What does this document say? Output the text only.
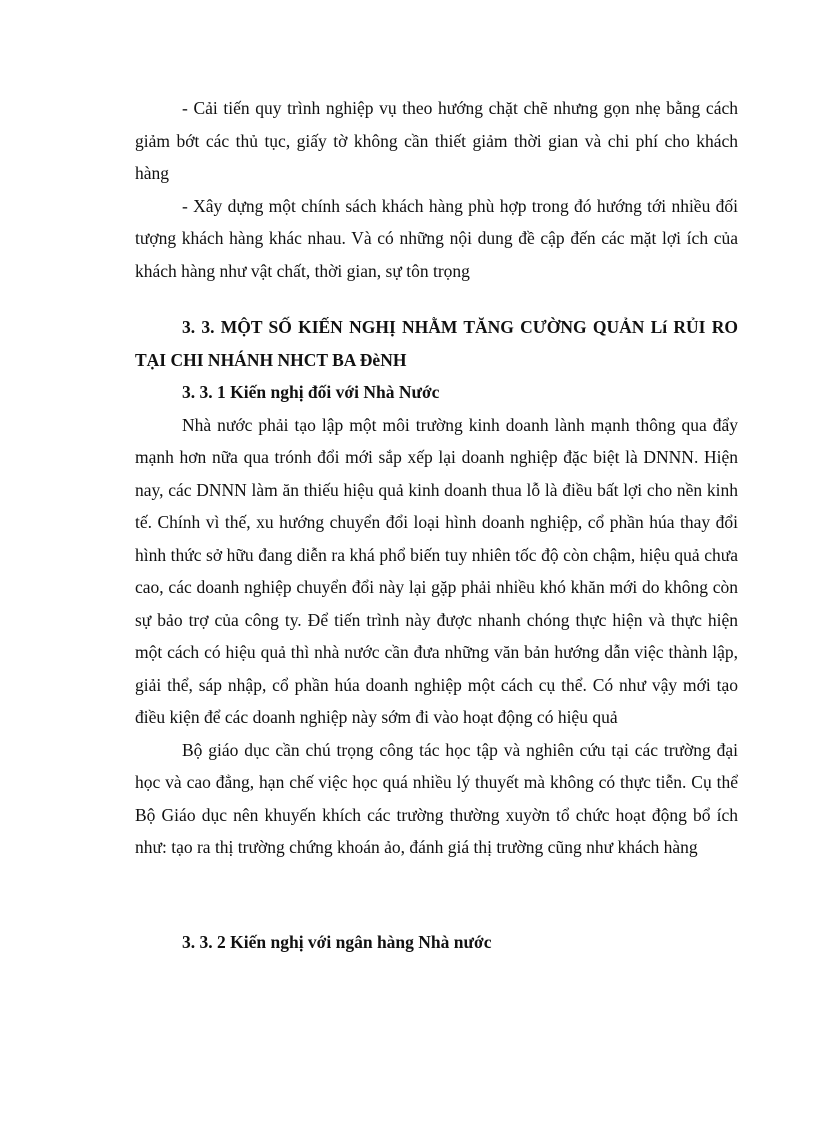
- Cải tiến quy trình nghiệp vụ theo hướng chặt chẽ nhưng gọn nhẹ bằng cách giảm bớt các thủ tục, giấy tờ không cần thiết giảm thời gian và chi phí cho khách hàng

- Xây dựng một chính sách khách hàng phù hợp trong đó hướng tới nhiều đối tượng khách hàng khác nhau. Và có những nội dung đề cập đến các mặt lợi ích của khách hàng như vật chất, thời gian, sự tôn trọng

3. 3. MỘT SỐ KIẾN NGHỊ NHẰM TĂNG CƯỜNG QUẢN Lí RỦI RO TẠI CHI NHÁNH NHCT BA ĐèNH

3. 3. 1 Kiến nghị đối với Nhà Nước

Nhà nước phải tạo lập một môi trường kinh doanh lành mạnh thông qua đẩy mạnh hơn nữa qua trónh đổi mới sắp xếp lại doanh nghiệp đặc biệt là DNNN. Hiện nay, các DNNN làm ăn thiếu hiệu quả kinh doanh thua lỗ là điều bất lợi cho nền kinh tế. Chính vì thế, xu hướng chuyển đổi loại hình doanh nghiệp, cổ phần húa thay đổi hình thức sở hữu đang diễn ra khá phổ biến tuy nhiên tốc độ còn chậm, hiệu quả chưa cao, các doanh nghiệp chuyển đổi này lại gặp phải nhiều khó khăn mới do không còn sự bảo trợ của công ty. Để tiến trình này được nhanh chóng thực hiện và thực hiện một cách có hiệu quả thì nhà nước cần đưa những văn bản hướng dẫn việc thành lập, giải thể, sáp nhập, cổ phần húa doanh nghiệp một cách cụ thể. Có như vậy mới tạo điều kiện để các doanh nghiệp này sớm đi vào hoạt động có hiệu quả

Bộ giáo dục cần chú trọng công tác học tập và nghiên cứu tại các trường đại học và cao đẳng, hạn chế việc học quá nhiều lý thuyết mà không có thực tiễn. Cụ thể Bộ Giáo dục nên khuyến khích các trường thường xuyờn tổ chức hoạt động bổ ích như: tạo ra thị trường chứng khoán ảo, đánh giá thị trường cũng như khách hàng

3. 3. 2 Kiến nghị với ngân hàng Nhà nước
